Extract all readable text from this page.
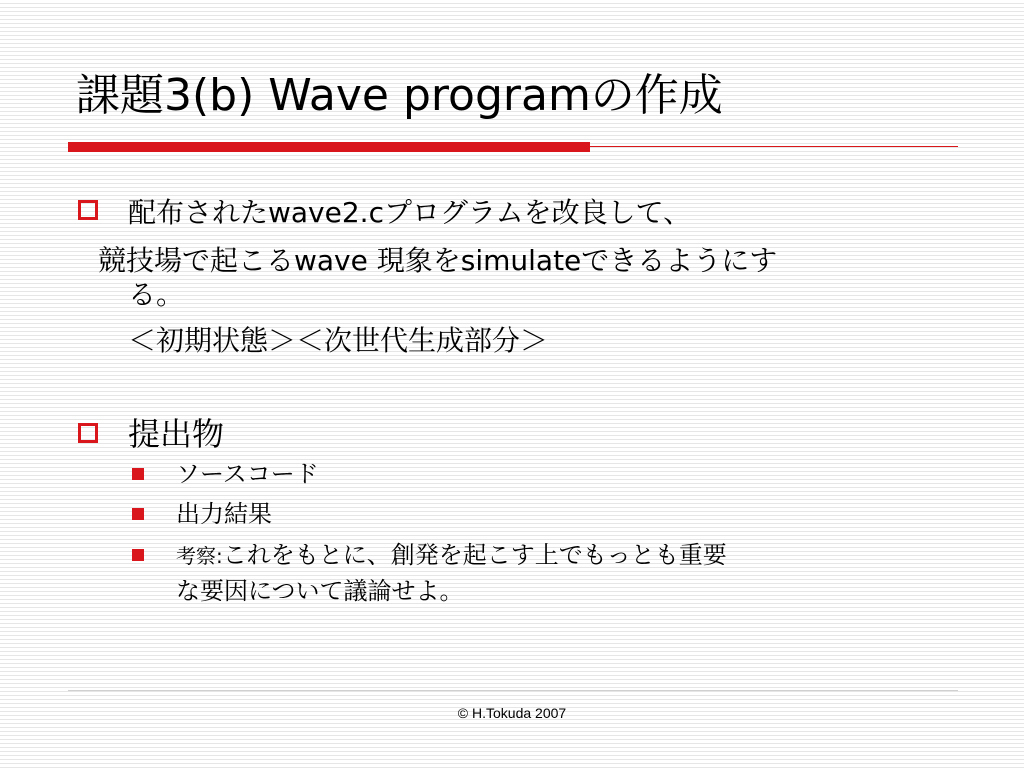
課題3(b) Wave programの作成
配布されたwave2.cプログラムを改良して、
競技場で起こるwave 現象をsimulateできるようにす
る。
＜初期状態＞＜次世代生成部分＞
提出物
ソースコード
出力結果
考察:これをもとに、創発を起こす上でもっとも重要
な要因について議論せよ。
© H.Tokuda 2007
